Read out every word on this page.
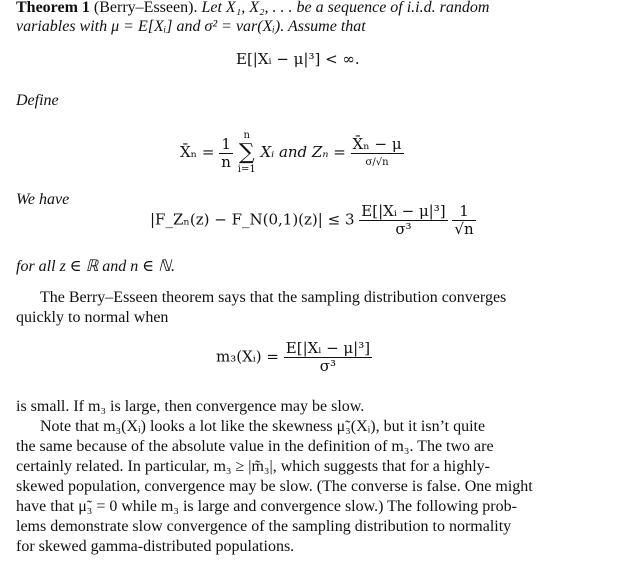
Theorem 1 (Berry–Esseen). Let X₁, X₂, . . . be a sequence of i.i.d. random
variables with μ = E[Xᵢ] and σ² = var(Xᵢ). Assume that
E[|Xᵢ − μ|³] < ∞.
Define
X̄ₙ = $\frac{1}{n}$
	n
∑
i=1
Xᵢ and $Z_n = \frac{\text{X̄ₙ − μ}}{\sigma/√n}$
We have
|F_Zₙ(z) − F_N(0,1)(z)| ≤ $3 \frac{\text{E[|Xᵢ − μ|³]}}{\text{σ³}}$
$\frac{1}{√n}$
for all z ∈ ℝ and n ∈ ℕ.
The Berry–Esseen theorem says that the sampling distribution converges
quickly to normal when
m₃(Xᵢ) = $\frac{\text{E[|Xᵢ − μ|³]}}{\text{σ³}}$
is small. If m₃ is large, then convergence may be slow.
Note that m₃(Xᵢ) looks a lot like the skewness μ̃₃(Xᵢ), but it isn’t quite
the same because of the absolute value in the definition of m₃. The two are
certainly related. In particular, m₃ ≥ |m̃₃|, which suggests that for a highly-
skewed population, convergence may be slow. (The converse is false. One might
have that μ̃₃ = 0 while m₃ is large and convergence slow.) The following prob-
lems demonstrate slow convergence of the sampling distribution to normality
for skewed gamma-distributed populations.
